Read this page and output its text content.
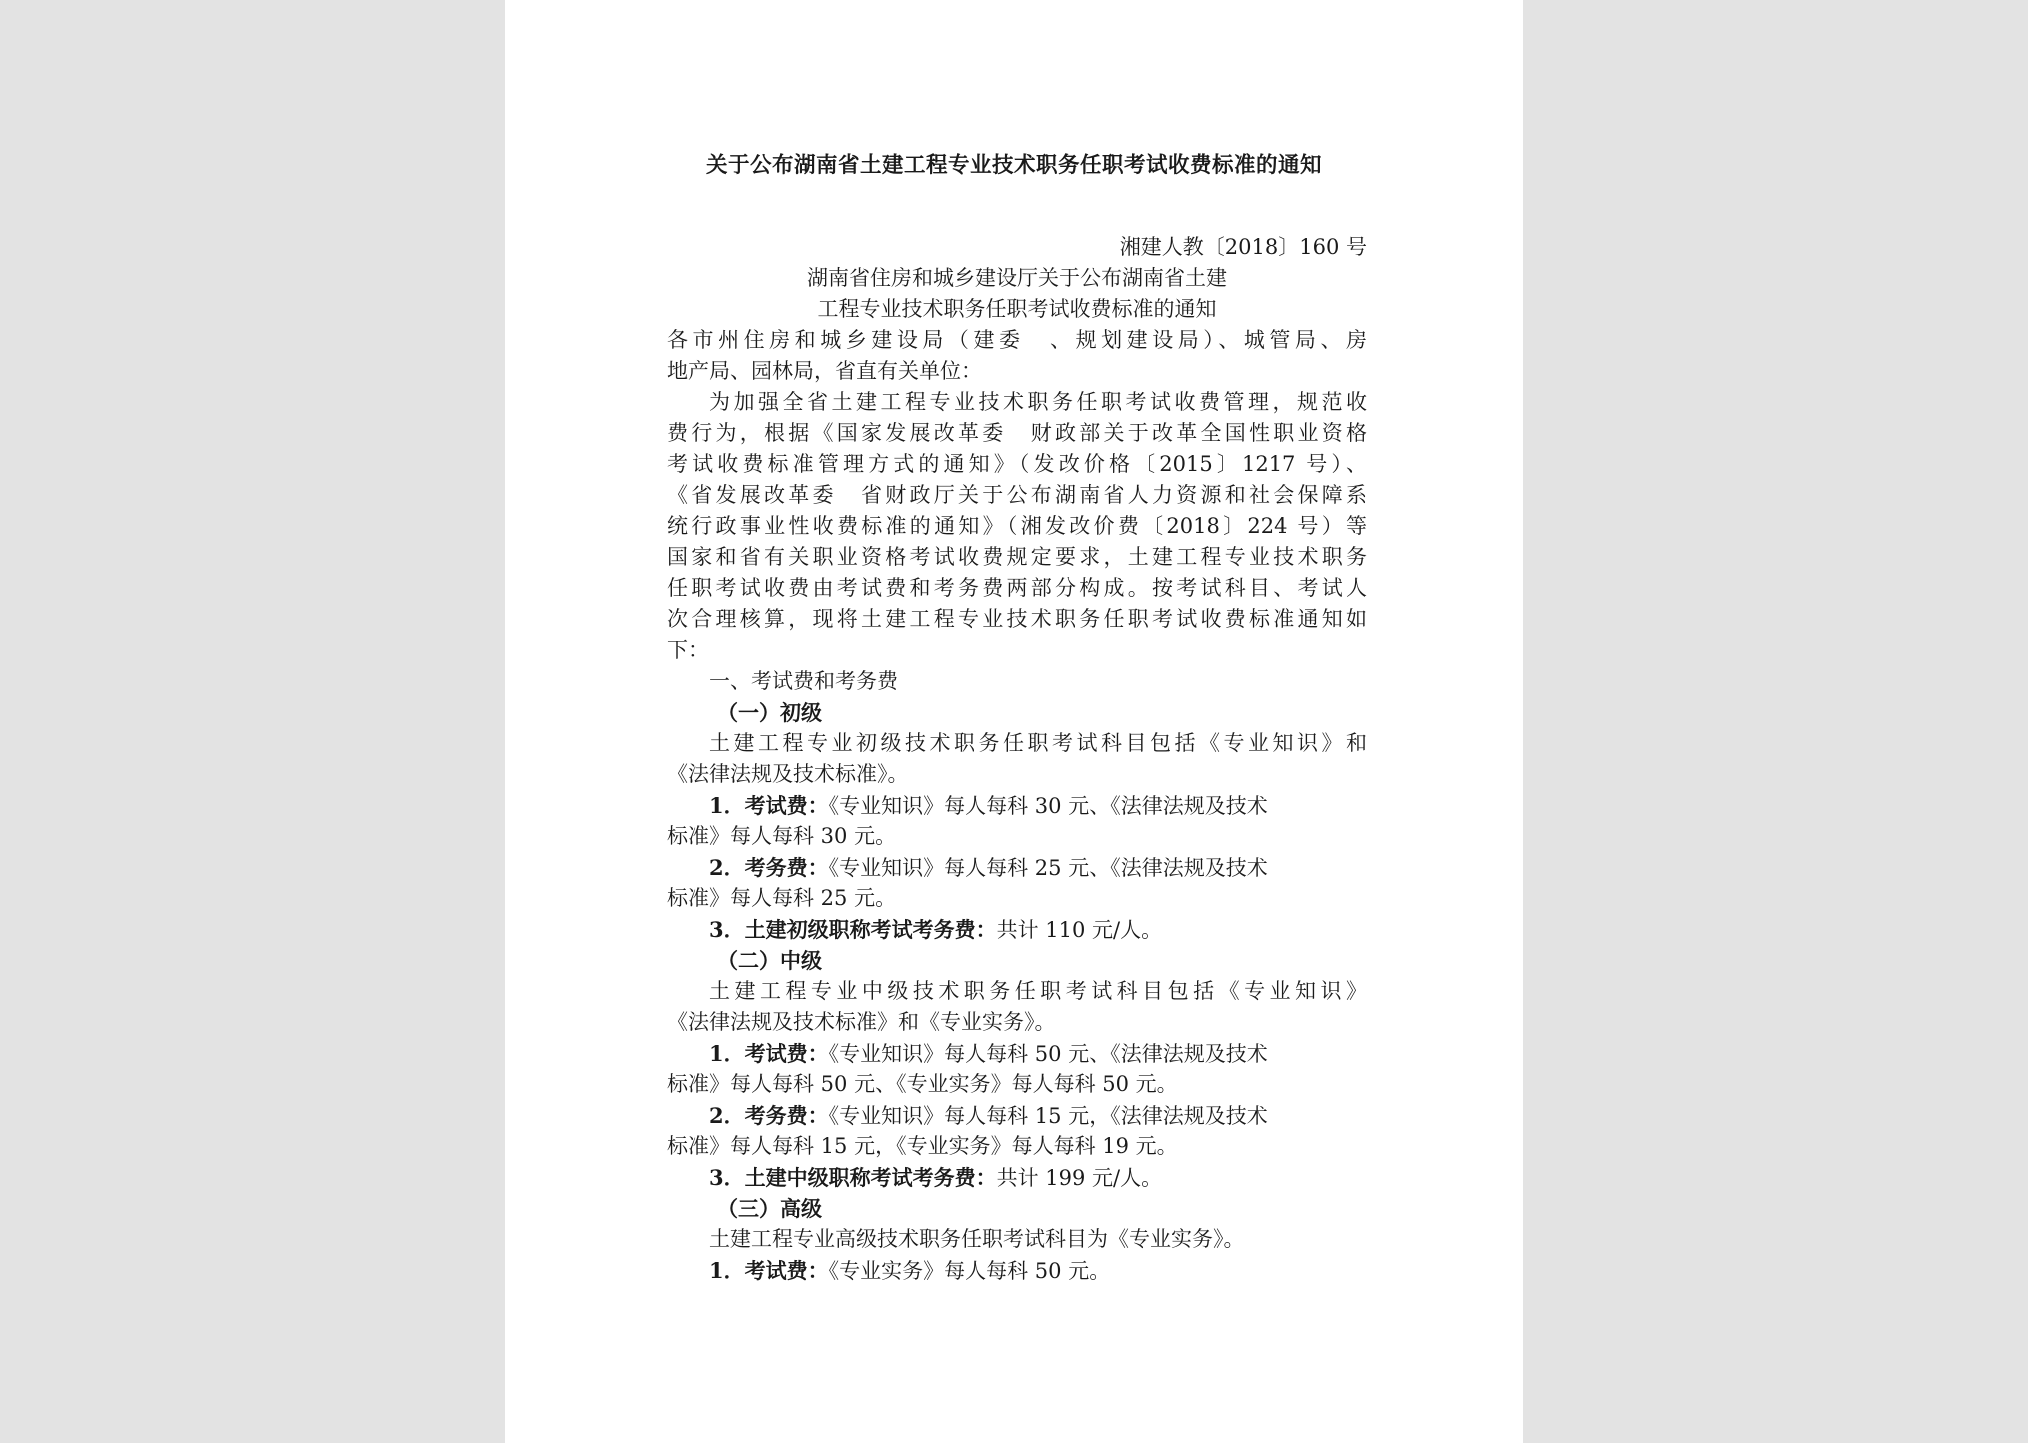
关于公布湖南省土建工程专业技术职务任职考试收费标准的通知
湘建人教〔2018〕160 号
湖南省住房和城乡建设厅关于公布湖南省土建
工程专业技术职务任职考试收费标准的通知
各市州住房和城乡建设局（建委　、规划建设局）、城管局、房
地产局、园林局，省直有关单位：
为加强全省土建工程专业技术职务任职考试收费管理，规范收
费行为，根据《国家发展改革委　财政部关于改革全国性职业资格
考试收费标准管理方式的通知》（发改价格〔2015〕1217 号）、
《省发展改革委　省财政厅关于公布湖南省人力资源和社会保障系
统行政事业性收费标准的通知》（湘发改价费〔2018〕224 号）等
国家和省有关职业资格考试收费规定要求，土建工程专业技术职务
任职考试收费由考试费和考务费两部分构成。按考试科目、考试人
次合理核算，现将土建工程专业技术职务任职考试收费标准通知如
下：
一、考试费和考务费
（一）初级
土建工程专业初级技术职务任职考试科目包括《专业知识》和
《法律法规及技术标准》。
1．考试费：《专业知识》每人每科 30 元、《法律法规及技术
标准》每人每科 30 元。
2．考务费：《专业知识》每人每科 25 元、《法律法规及技术
标准》每人每科 25 元。
3．土建初级职称考试考务费：共计 110 元/人。
（二）中级
土建工程专业中级技术职务任职考试科目包括《专业知识》
《法律法规及技术标准》和《专业实务》。
1．考试费：《专业知识》每人每科 50 元、《法律法规及技术
标准》每人每科 50 元、《专业实务》每人每科 50 元。
2．考务费：《专业知识》每人每科 15 元，《法律法规及技术
标准》每人每科 15 元，《专业实务》每人每科 19 元。
3．土建中级职称考试考务费：共计 199 元/人。
（三）高级
土建工程专业高级技术职务任职考试科目为《专业实务》。
1．考试费：《专业实务》每人每科 50 元。
